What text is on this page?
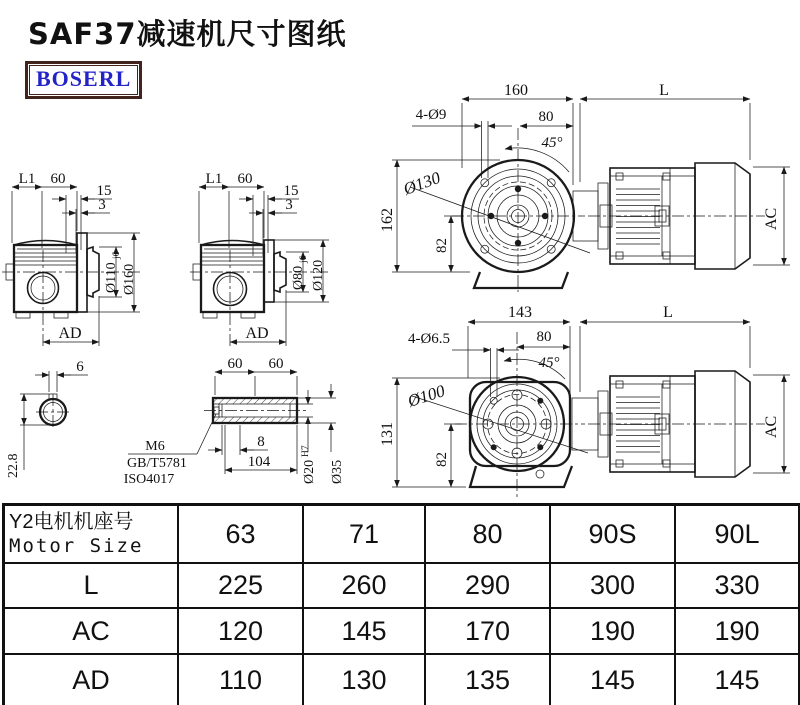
SAF37减速机尺寸图纸
BOSERL	160	L
4-Ø9	80
45°
Ø130
162
82
AC
143	L
4-Ø6.5	80
45°
Ø100
131
82
AC
L1 60
15
3
Ø110
j6
Ø160
AD
L1 60
15
3
Ø80
j6
Ø120
AD
6
22.8
M6
GB/T5781
ISO4017
60 60
8
104 Ø20
H7
Ø35
Y2电机机座号
Motor Size	63	71	80	90S	90L
L	225	260	290	300	330
AC	120	145	170	190	190
AD	110	130	135	145	145
